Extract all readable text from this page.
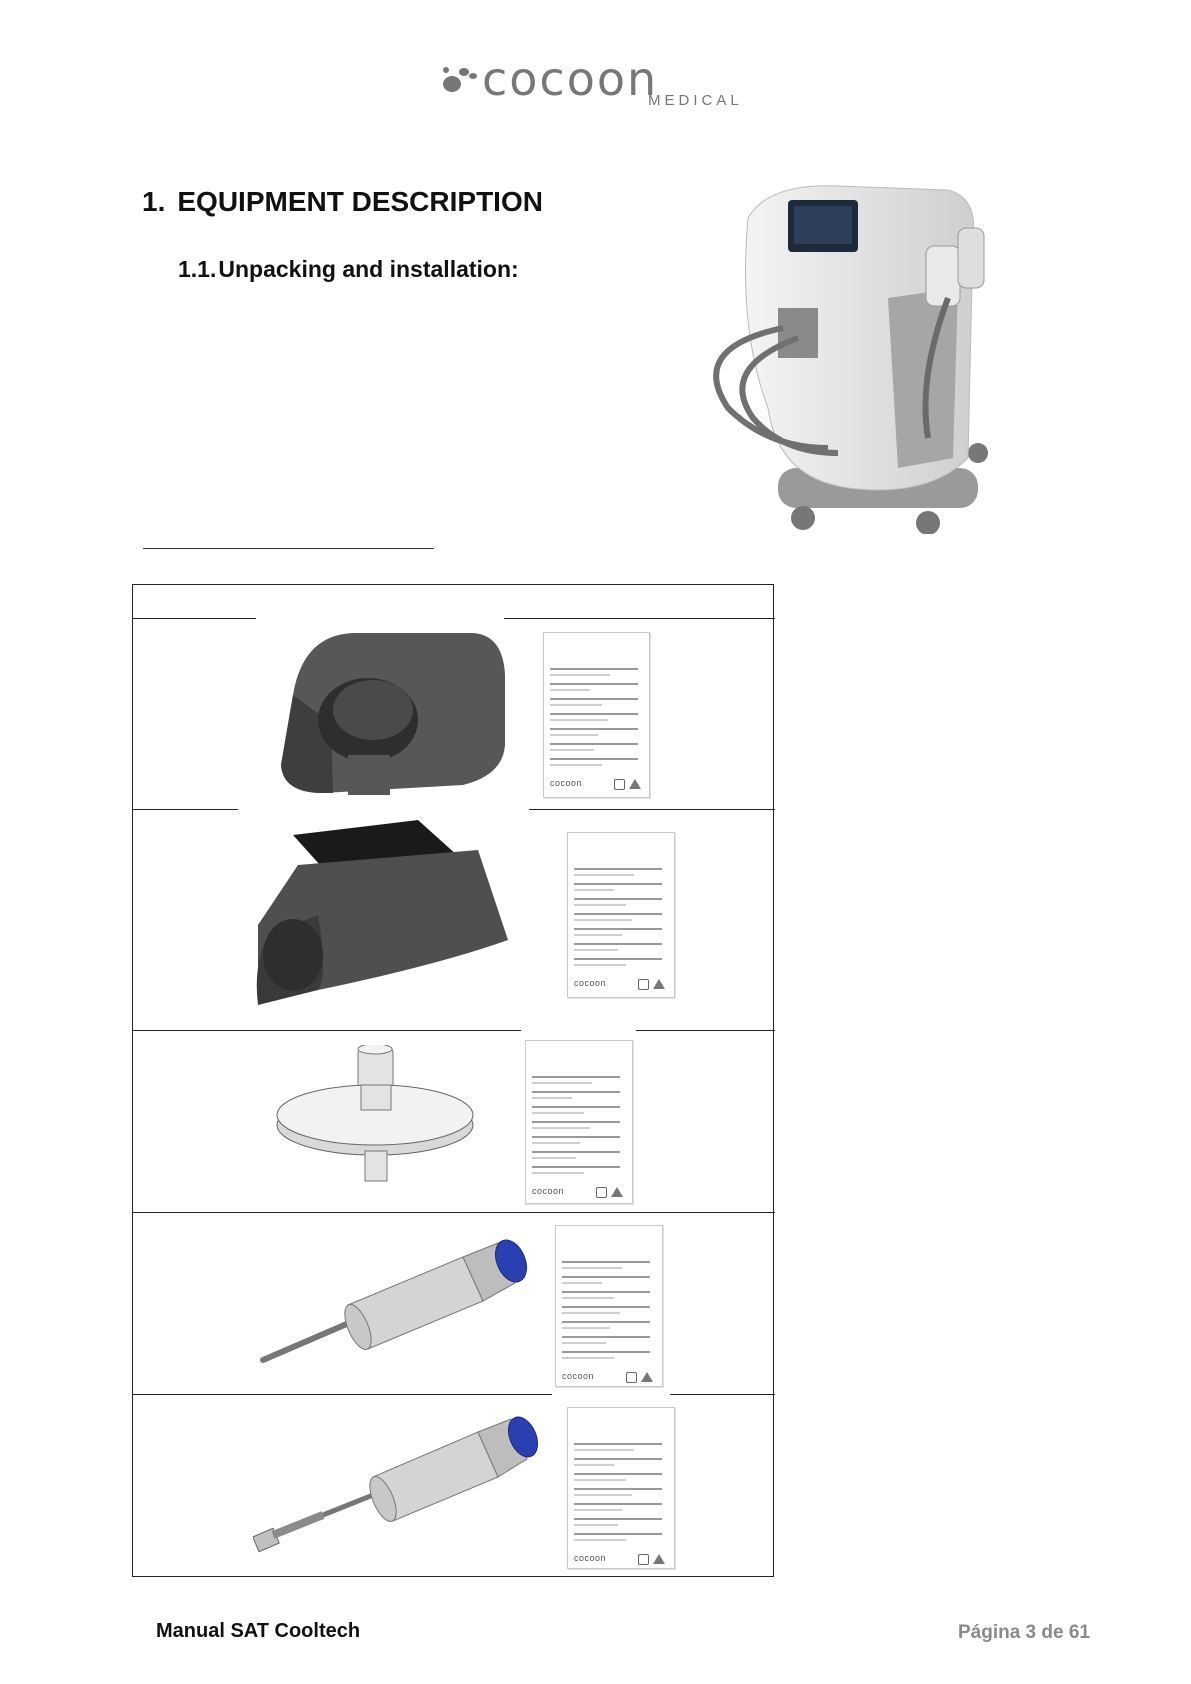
cocoon
MEDICAL
1. EQUIPMENT DESCRIPTION
1.1.Unpacking and installation:
cocoon
cocoon
cocoon
cocoon
cocoon
Manual SAT Cooltech	Página 3 de 61
